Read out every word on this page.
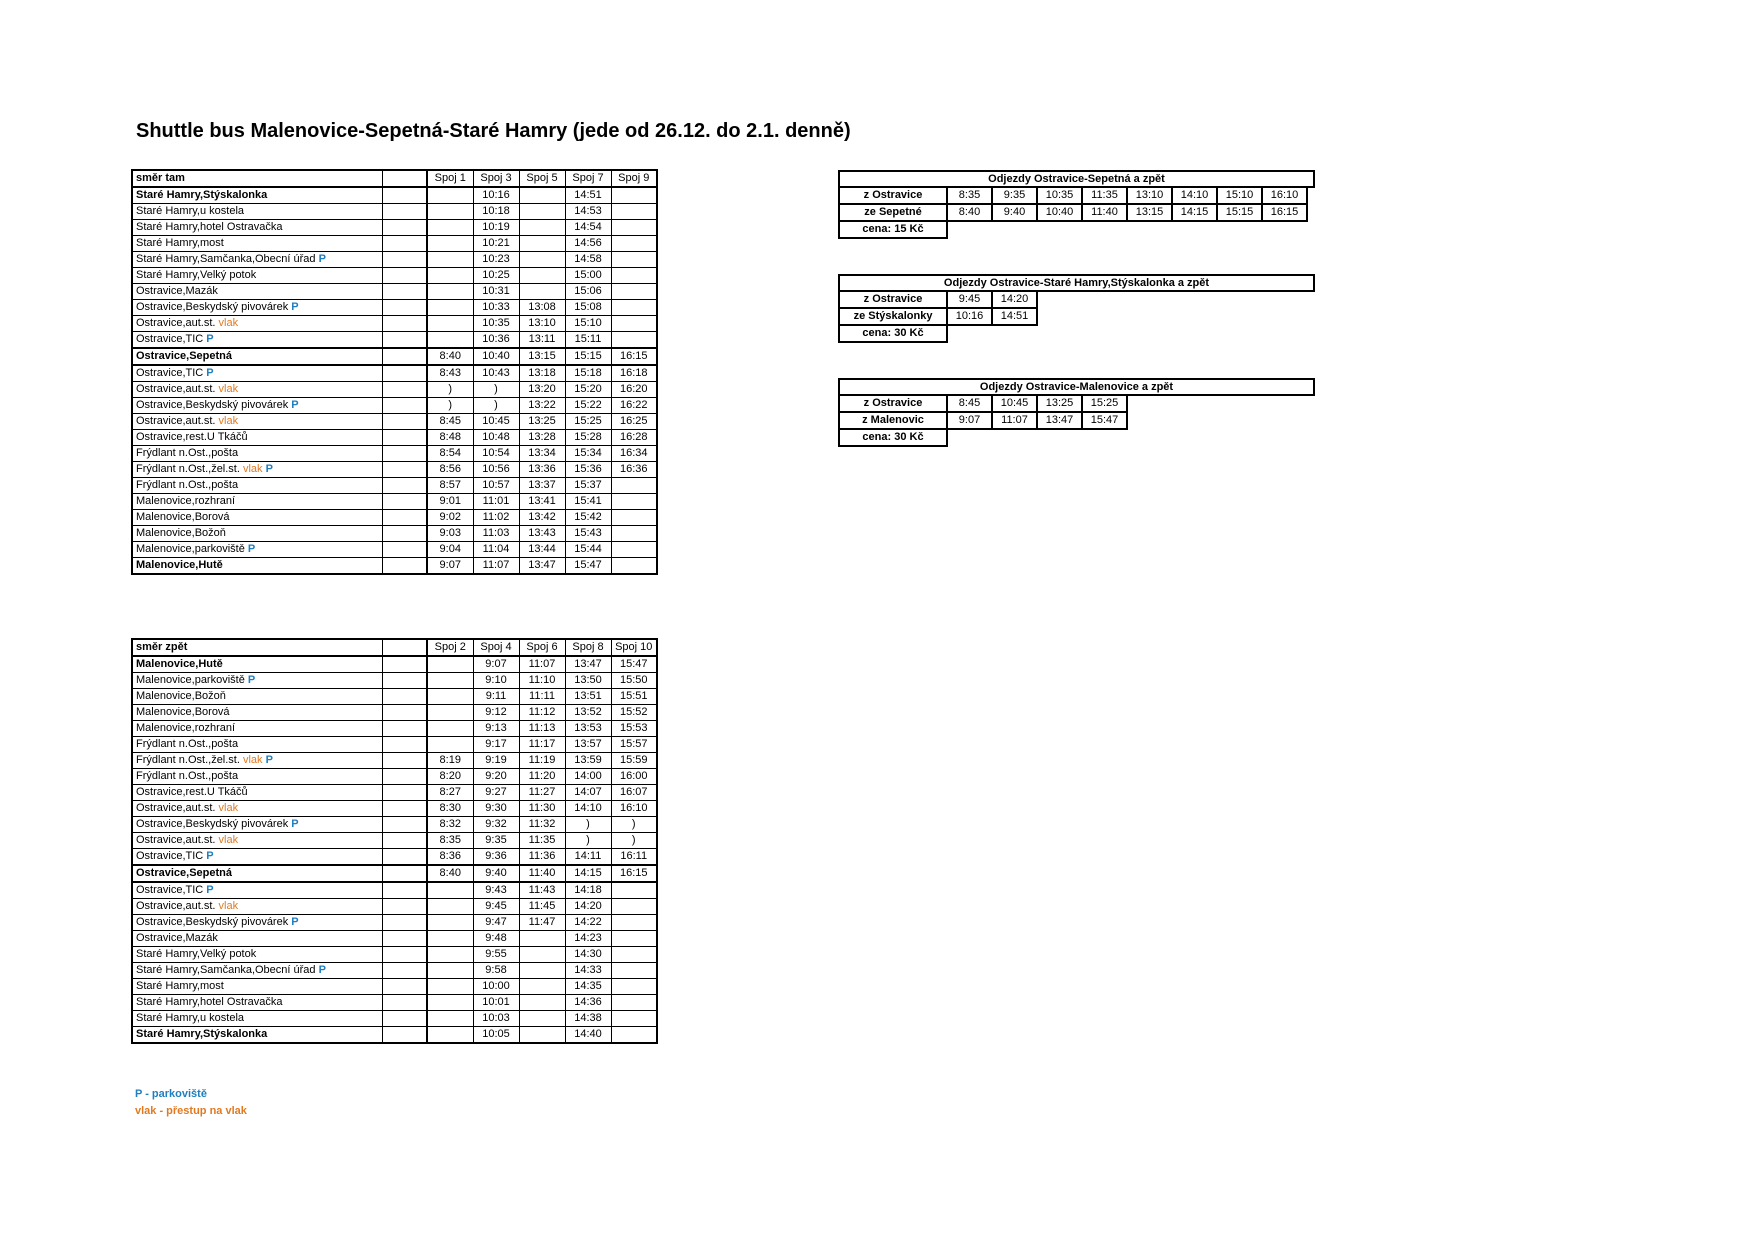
Shuttle bus Malenovice-Sepetná-Staré Hamry (jede od 26.12. do 2.1. denně)
směr tam		Spoj 1	Spoj 3	Spoj 5	Spoj 7	Spoj 9
Staré Hamry,Stýskalonka			10:16		14:51	
Staré Hamry,u kostela			10:18		14:53	
Staré Hamry,hotel Ostravačka			10:19		14:54	
Staré Hamry,most			10:21		14:56	
Staré Hamry,Samčanka,Obecní úřad P			10:23		14:58	
Staré Hamry,Velký potok			10:25		15:00	
Ostravice,Mazák			10:31		15:06	
Ostravice,Beskydský pivovárek P			10:33	13:08	15:08	
Ostravice,aut.st. vlak			10:35	13:10	15:10	
Ostravice,TIC P			10:36	13:11	15:11	
Ostravice,Sepetná		8:40	10:40	13:15	15:15	16:15
Ostravice,TIC P		8:43	10:43	13:18	15:18	16:18
Ostravice,aut.st. vlak		)	)	13:20	15:20	16:20
Ostravice,Beskydský pivovárek P		)	)	13:22	15:22	16:22
Ostravice,aut.st. vlak		8:45	10:45	13:25	15:25	16:25
Ostravice,rest.U Tkáčů		8:48	10:48	13:28	15:28	16:28
Frýdlant n.Ost.,pošta		8:54	10:54	13:34	15:34	16:34
Frýdlant n.Ost.,žel.st. vlak P		8:56	10:56	13:36	15:36	16:36
Frýdlant n.Ost.,pošta		8:57	10:57	13:37	15:37	
Malenovice,rozhraní		9:01	11:01	13:41	15:41	
Malenovice,Borová		9:02	11:02	13:42	15:42	
Malenovice,Božoň		9:03	11:03	13:43	15:43	
Malenovice,parkoviště P		9:04	11:04	13:44	15:44	
Malenovice,Hutě		9:07	11:07	13:47	15:47	
směr zpět		Spoj 2	Spoj 4	Spoj 6	Spoj 8	Spoj 10
Malenovice,Hutě			9:07	11:07	13:47	15:47
Malenovice,parkoviště P			9:10	11:10	13:50	15:50
Malenovice,Božoň			9:11	11:11	13:51	15:51
Malenovice,Borová			9:12	11:12	13:52	15:52
Malenovice,rozhraní			9:13	11:13	13:53	15:53
Frýdlant n.Ost.,pošta			9:17	11:17	13:57	15:57
Frýdlant n.Ost.,žel.st. vlak P		8:19	9:19	11:19	13:59	15:59
Frýdlant n.Ost.,pošta		8:20	9:20	11:20	14:00	16:00
Ostravice,rest.U Tkáčů		8:27	9:27	11:27	14:07	16:07
Ostravice,aut.st. vlak		8:30	9:30	11:30	14:10	16:10
Ostravice,Beskydský pivovárek P		8:32	9:32	11:32	)	)
Ostravice,aut.st. vlak		8:35	9:35	11:35	)	)
Ostravice,TIC P		8:36	9:36	11:36	14:11	16:11
Ostravice,Sepetná		8:40	9:40	11:40	14:15	16:15
Ostravice,TIC P			9:43	11:43	14:18	
Ostravice,aut.st. vlak			9:45	11:45	14:20	
Ostravice,Beskydský pivovárek P			9:47	11:47	14:22	
Ostravice,Mazák			9:48		14:23	
Staré Hamry,Velký potok			9:55		14:30	
Staré Hamry,Samčanka,Obecní úřad P			9:58		14:33	
Staré Hamry,most			10:00		14:35	
Staré Hamry,hotel Ostravačka			10:01		14:36	
Staré Hamry,u kostela			10:03		14:38	
Staré Hamry,Stýskalonka			10:05		14:40	
Odjezdy Ostravice-Sepetná a zpět
z Ostravice	8:35	9:35	10:35	11:35	13:10	14:10	15:10	16:10
ze Sepetné	8:40	9:40	10:40	11:40	13:15	14:15	15:15	16:15
cena: 15 Kč								
Odjezdy Ostravice-Staré Hamry,Stýskalonka a zpět
z Ostravice	9:45	14:20
ze Stýskalonky	10:16	14:51
cena: 30 Kč		
Odjezdy Ostravice-Malenovice a zpět
z Ostravice	8:45	10:45	13:25	15:25
z Malenovic	9:07	11:07	13:47	15:47
cena: 30 Kč				
P - parkoviště
vlak - přestup na vlak
